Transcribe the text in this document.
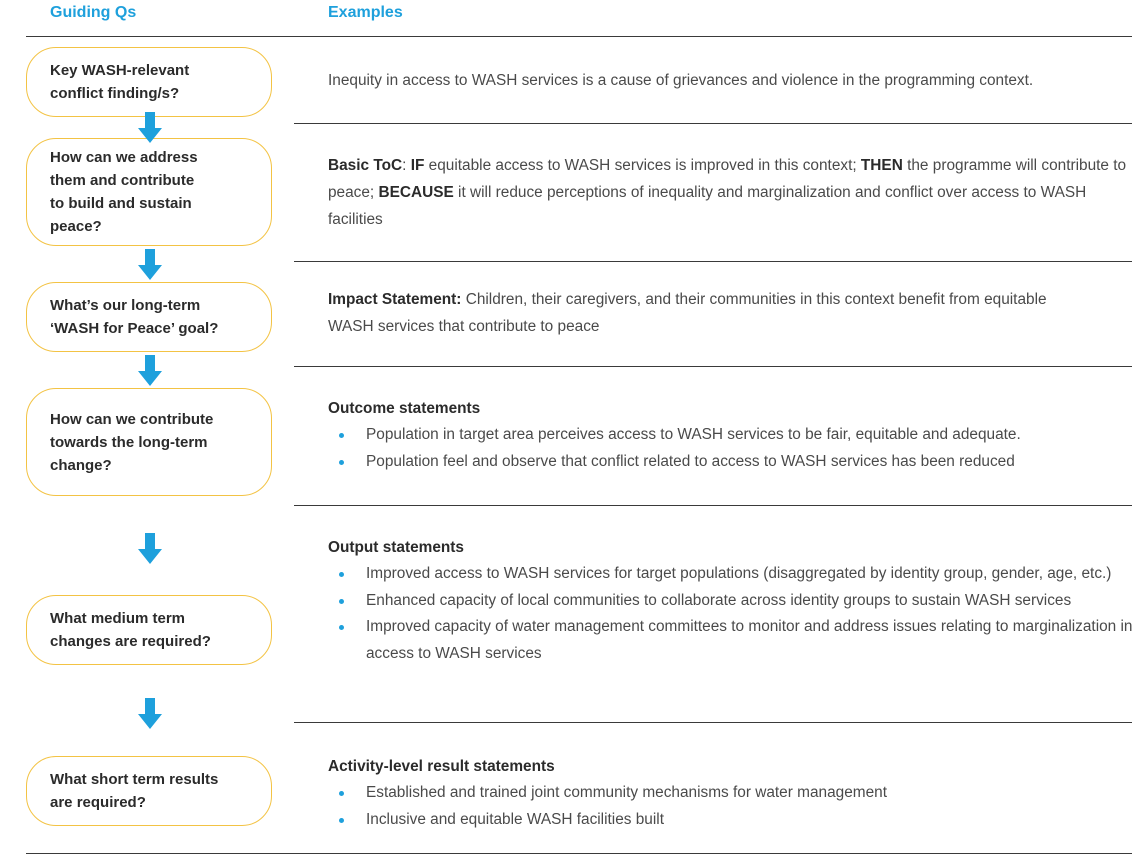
Guiding Qs	Examples
Key WASH-relevant
conflict finding/s?
How can we address
them and contribute
to build and sustain
peace?
What’s our long-term
‘WASH for Peace’ goal?
How can we contribute
towards the long-term
change?
What medium term
changes are required?
What short term results
are required?
Inequity in access to WASH services is a cause of grievances and violence in the programming context.
Basic ToC: IF equitable access to WASH services is improved in this context; THEN the programme will contribute to peace; BECAUSE it will reduce perceptions of inequality and marginalization and conflict over access to WASH facilities
Impact Statement: Children, their caregivers, and their communities in this context benefit from equitable WASH services that contribute to peace
Outcome statements
Population in target area perceives access to WASH services to be fair, equitable and adequate.
Population feel and observe that conflict related to access to WASH services has been reduced
Output statements
Improved access to WASH services for target populations (disaggregated by identity group, gender, age, etc.)
Enhanced capacity of local communities to collaborate across identity groups to sustain WASH services
Improved capacity of water management committees to monitor and address issues relating to marginalization in access to WASH services
Activity-level result statements
Established and trained joint community mechanisms for water management
Inclusive and equitable WASH facilities built
